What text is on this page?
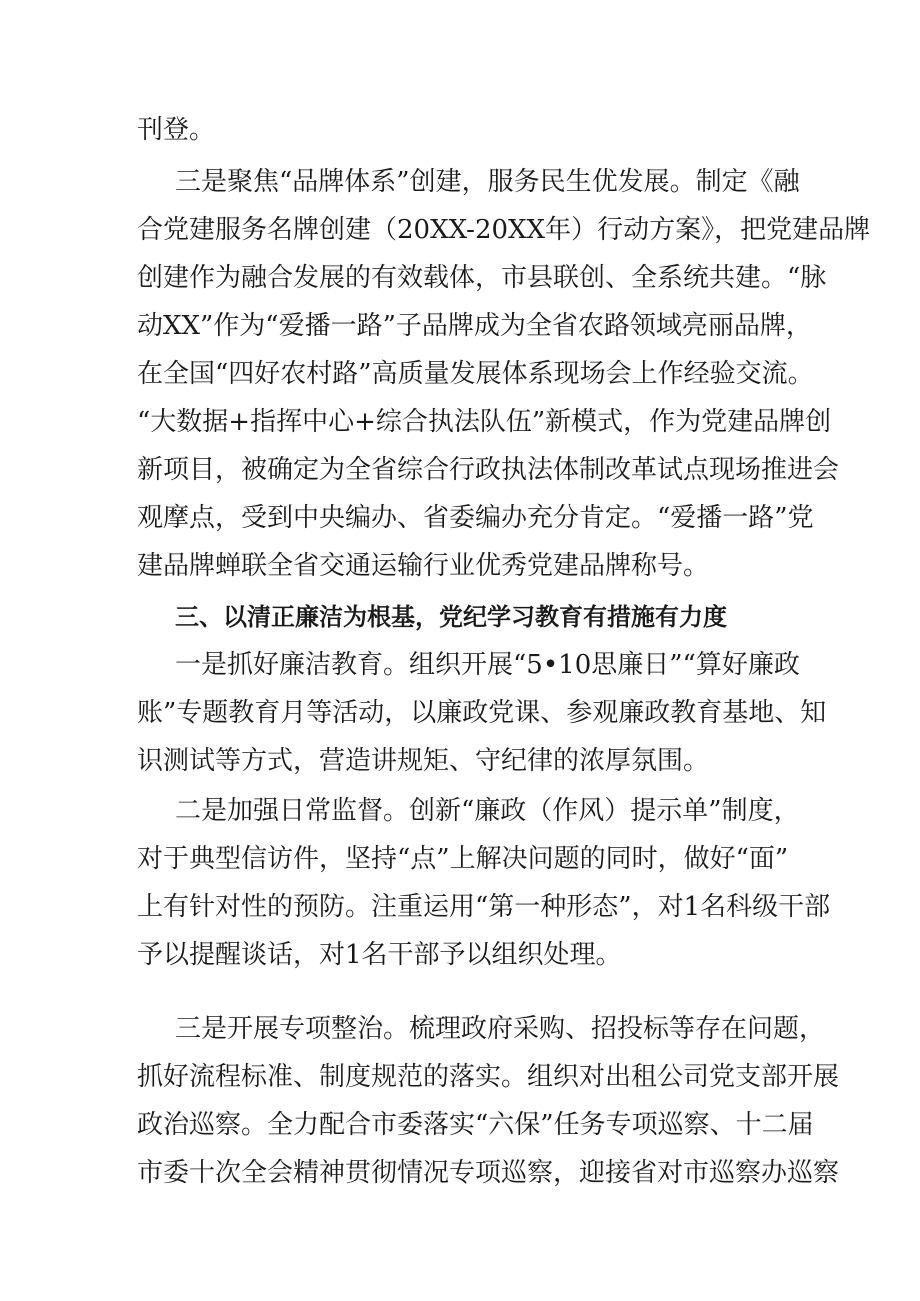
刊登。
三是聚焦“品牌体系”创建，服务民生优发展。制定《融
合党建服务名牌创建（20XX-20XX年）行动方案》，把党建品牌
创建作为融合发展的有效载体，市县联创、全系统共建。“脉
动XX”作为“爱播一路”子品牌成为全省农路领域亮丽品牌，
在全国“四好农村路”高质量发展体系现场会上作经验交流。
“大数据+指挥中心+综合执法队伍”新模式，作为党建品牌创
新项目，被确定为全省综合行政执法体制改革试点现场推进会
观摩点，受到中央编办、省委编办充分肯定。“爱播一路”党
建品牌蝉联全省交通运输行业优秀党建品牌称号。
三、以清正廉洁为根基，党纪学习教育有措施有力度
一是抓好廉洁教育。组织开展“5•10思廉日”“算好廉政
账”专题教育月等活动，以廉政党课、参观廉政教育基地、知
识测试等方式，营造讲规矩、守纪律的浓厚氛围。
二是加强日常监督。创新“廉政（作风）提示单”制度，
对于典型信访件，坚持“点”上解决问题的同时，做好“面”
上有针对性的预防。注重运用“第一种形态”，对1名科级干部
予以提醒谈话，对1名干部予以组织处理。
三是开展专项整治。梳理政府采购、招投标等存在问题，
抓好流程标准、制度规范的落实。组织对出租公司党支部开展
政治巡察。全力配合市委落实“六保”任务专项巡察、十二届
市委十次全会精神贯彻情况专项巡察，迎接省对市巡察办巡察
